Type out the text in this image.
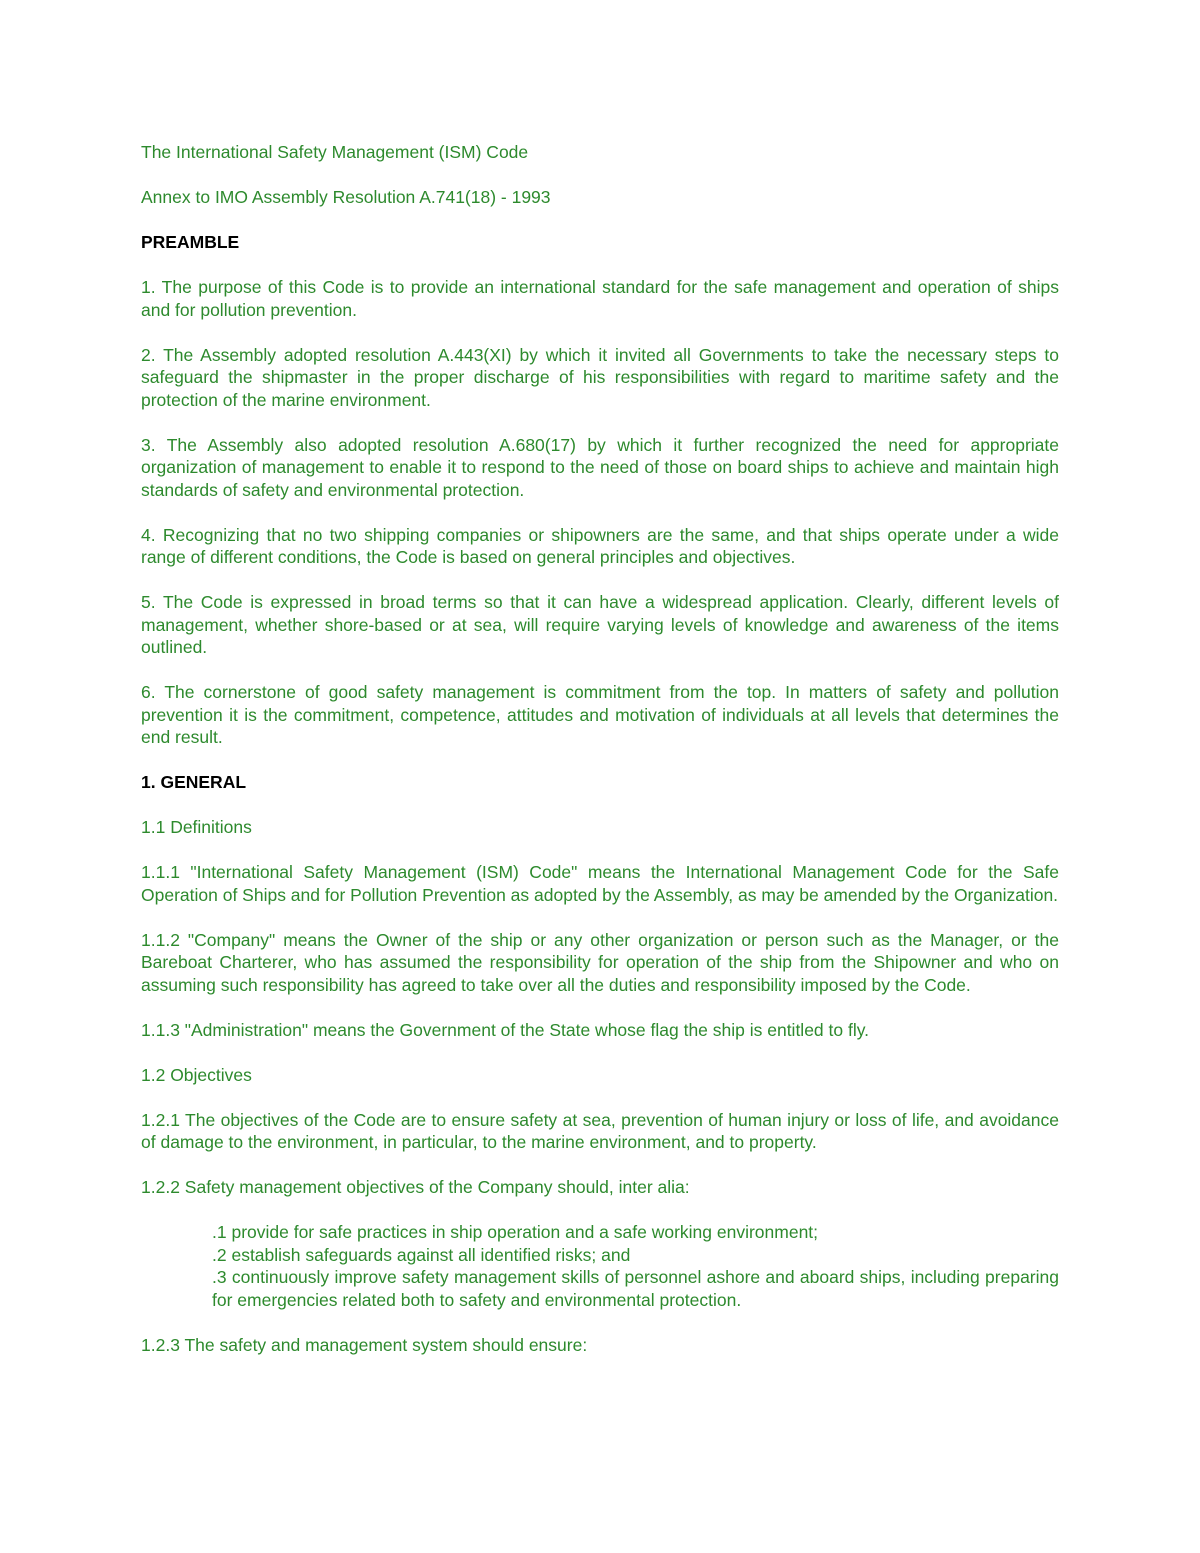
The International Safety Management (ISM) Code
Annex to IMO Assembly Resolution A.741(18) - 1993
PREAMBLE
1. The purpose of this Code is to provide an international standard for the safe management and operation of ships and for pollution prevention.
2. The Assembly adopted resolution A.443(XI) by which it invited all Governments to take the necessary steps to safeguard the shipmaster in the proper discharge of his responsibilities with regard to maritime safety and the protection of the marine environment.
3. The Assembly also adopted resolution A.680(17) by which it further recognized the need for appropriate organization of management to enable it to respond to the need of those on board ships to achieve and maintain high standards of safety and environmental protection.
4. Recognizing that no two shipping companies or shipowners are the same, and that ships operate under a wide range of different conditions, the Code is based on general principles and objectives.
5. The Code is expressed in broad terms so that it can have a widespread application. Clearly, different levels of management, whether shore-based or at sea, will require varying levels of knowledge and awareness of the items outlined.
6. The cornerstone of good safety management is commitment from the top. In matters of safety and pollution prevention it is the commitment, competence, attitudes and motivation of individuals at all levels that determines the end result.
1. GENERAL
1.1 Definitions
1.1.1 "International Safety Management (ISM) Code" means the International Management Code for the Safe Operation of Ships and for Pollution Prevention as adopted by the Assembly, as may be amended by the Organization.
1.1.2 "Company" means the Owner of the ship or any other organization or person such as the Manager, or the Bareboat Charterer, who has assumed the responsibility for operation of the ship from the Shipowner and who on assuming such responsibility has agreed to take over all the duties and responsibility imposed by the Code.
1.1.3 "Administration" means the Government of the State whose flag the ship is entitled to fly.
1.2 Objectives
1.2.1 The objectives of the Code are to ensure safety at sea, prevention of human injury or loss of life, and avoidance of damage to the environment, in particular, to the marine environment, and to property.
1.2.2 Safety management objectives of the Company should, inter alia:
.1 provide for safe practices in ship operation and a safe working environment;
.2 establish safeguards against all identified risks; and
.3 continuously improve safety management skills of personnel ashore and aboard ships, including preparing for emergencies related both to safety and environmental protection.
1.2.3 The safety and management system should ensure:
